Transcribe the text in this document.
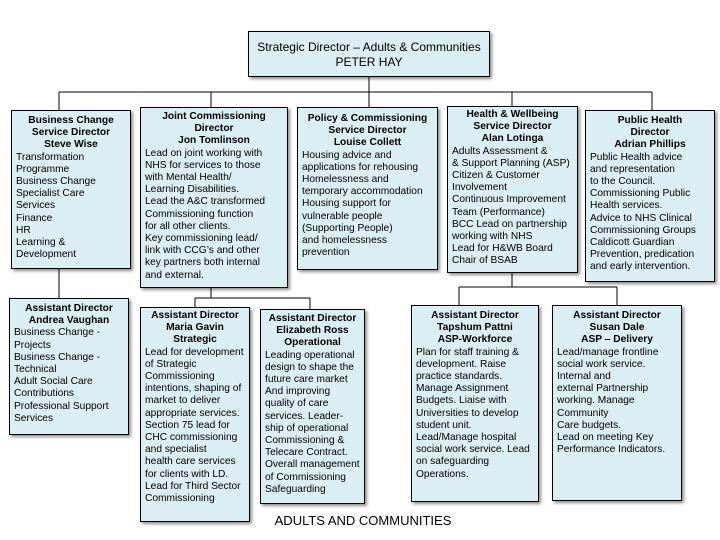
Strategic Director – Adults & Communities
PETER HAY
Business Change
Service Director
Steve Wise
Transformation
Programme
Business Change
Specialist Care
Services
Finance
HR
Learning &
Development
Joint Commissioning
Director
Jon Tomlinson
Lead on joint working with
NHS for services to those
with Mental Health/
Learning Disabilities.
Lead the A&C transformed
Commissioning function
for all other clients.
Key commissioning lead/
link with CCG’s and other
key partners both internal
and external.
Policy & Commissioning
Service Director
Louise Collett
Housing advice and
applications for rehousing
Homelessness and
temporary accommodation
Housing support for
vulnerable people
(Supporting People)
and homelessness
prevention
Health & Wellbeing
Service Director
Alan Lotinga
Adults Assessment &
& Support Planning (ASP)
Citizen & Customer
Involvement
Continuous Improvement
Team (Performance)
BCC Lead on partnership
working with NHS
Lead for H&WB Board
Chair of BSAB
Public Health
Director
Adrian Phillips
Public Health advice
and representation
to the Council.
Commissioning Public
Health services.
Advice to NHS Clinical
Commissioning Groups
Caldicott Guardian
Prevention, predication
and early intervention.
Assistant Director
Andrea Vaughan
Business Change -
Projects
Business Change -
Technical
Adult Social Care
Contributions
Professional Support
Services
Assistant Director
Maria Gavin
Strategic
Lead for development
of Strategic
Commissioning
intentions, shaping of
market to deliver
appropriate services.
Section 75 lead for
CHC commissioning
and specialist
health care services
for clients with LD.
Lead for Third Sector
Commissioning
Assistant Director
Elizabeth Ross
Operational
Leading operational
design to shape the
future care market
And improving
quality of care
services. Leader-
ship of operational
Commissioning &
Telecare Contract.
Overall management
of Commissioning
Safeguarding
Assistant Director
Tapshum Pattni
ASP-Workforce
Plan for staff training &
development. Raise
practice standards.
Manage Assignment
Budgets. Liaise with
Universities to develop
student unit.
Lead/Manage hospital
social work service. Lead
on safeguarding
Operations.
Assistant Director
Susan Dale
ASP – Delivery
Lead/manage frontline
social work service.
Internal and
external Partnership
working. Manage
Community
Care budgets.
Lead on meeting Key
Performance Indicators.
ADULTS AND COMMUNITIES
